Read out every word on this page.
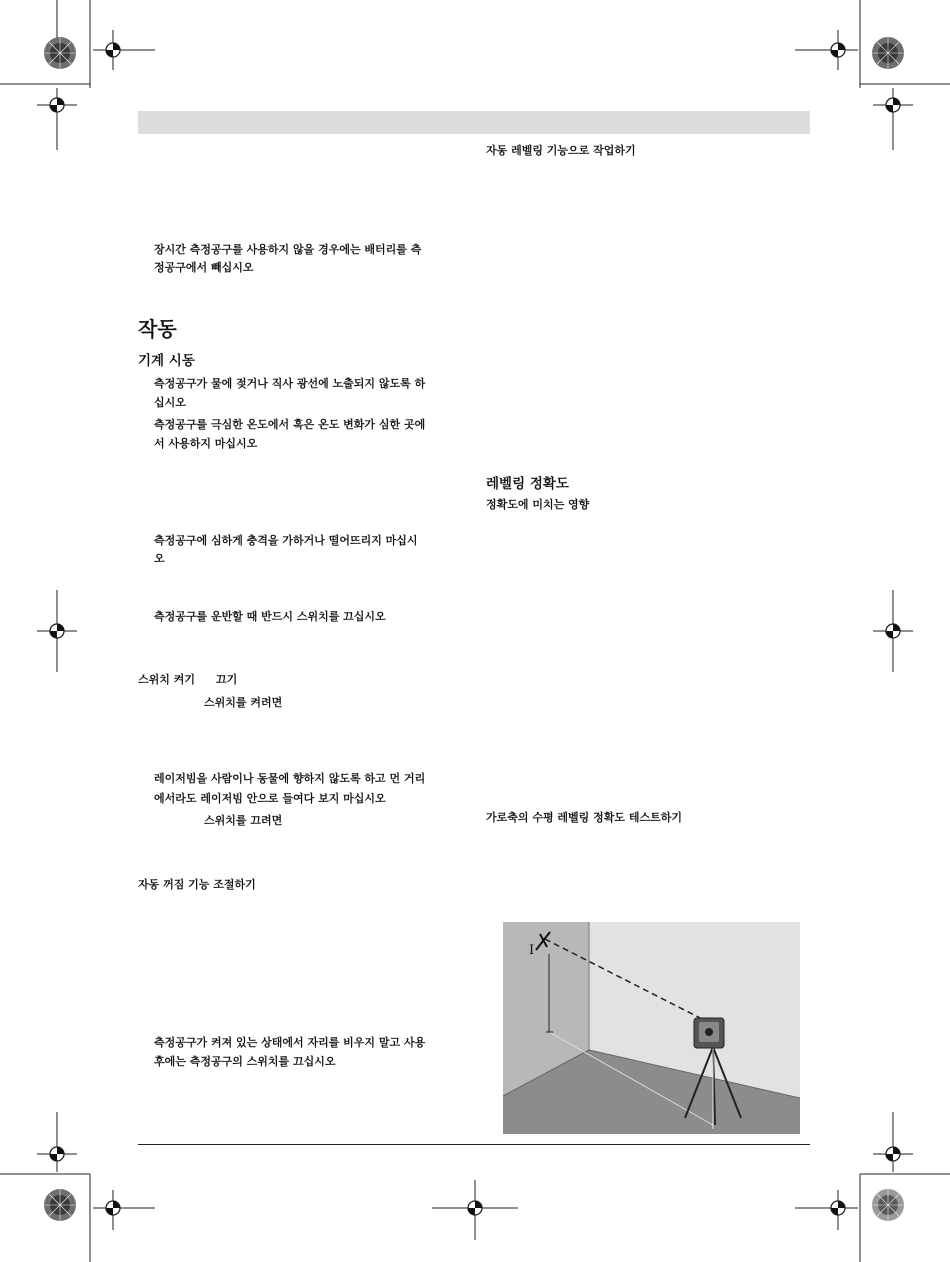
자동 레벨링 기능으로 작업하기
레벨링 정확도
정확도에 미치는 영향
가로축의 수평 레벨링 정확도 테스트하기
장시간 측정공구를 사용하지 않을 경우에는 배터리를 측
정공구에서 빼십시오
작동
기계 시동
측정공구가 물에 젖거나 직사 광선에 노출되지 않도록 하
십시오
측정공구를 극심한 온도에서 혹은 온도 변화가 심한 곳에
서 사용하지 마십시오
측정공구에 심하게 충격을 가하거나 떨어뜨리지 마십시
오
측정공구를 운반할 때 반드시 스위치를 끄십시오
스위치 켜기 끄기
스위치를 켜려면
레이저빔을 사람이나 동물에 향하지 않도록 하고 먼 거리
에서라도 레이저빔 안으로 들여다 보지 마십시오
스위치를 끄려면
자동 꺼짐 기능 조절하기
측정공구가 켜져 있는 상태에서 자리를 비우지 말고 사용
후에는 측정공구의 스위치를 끄십시오
I
